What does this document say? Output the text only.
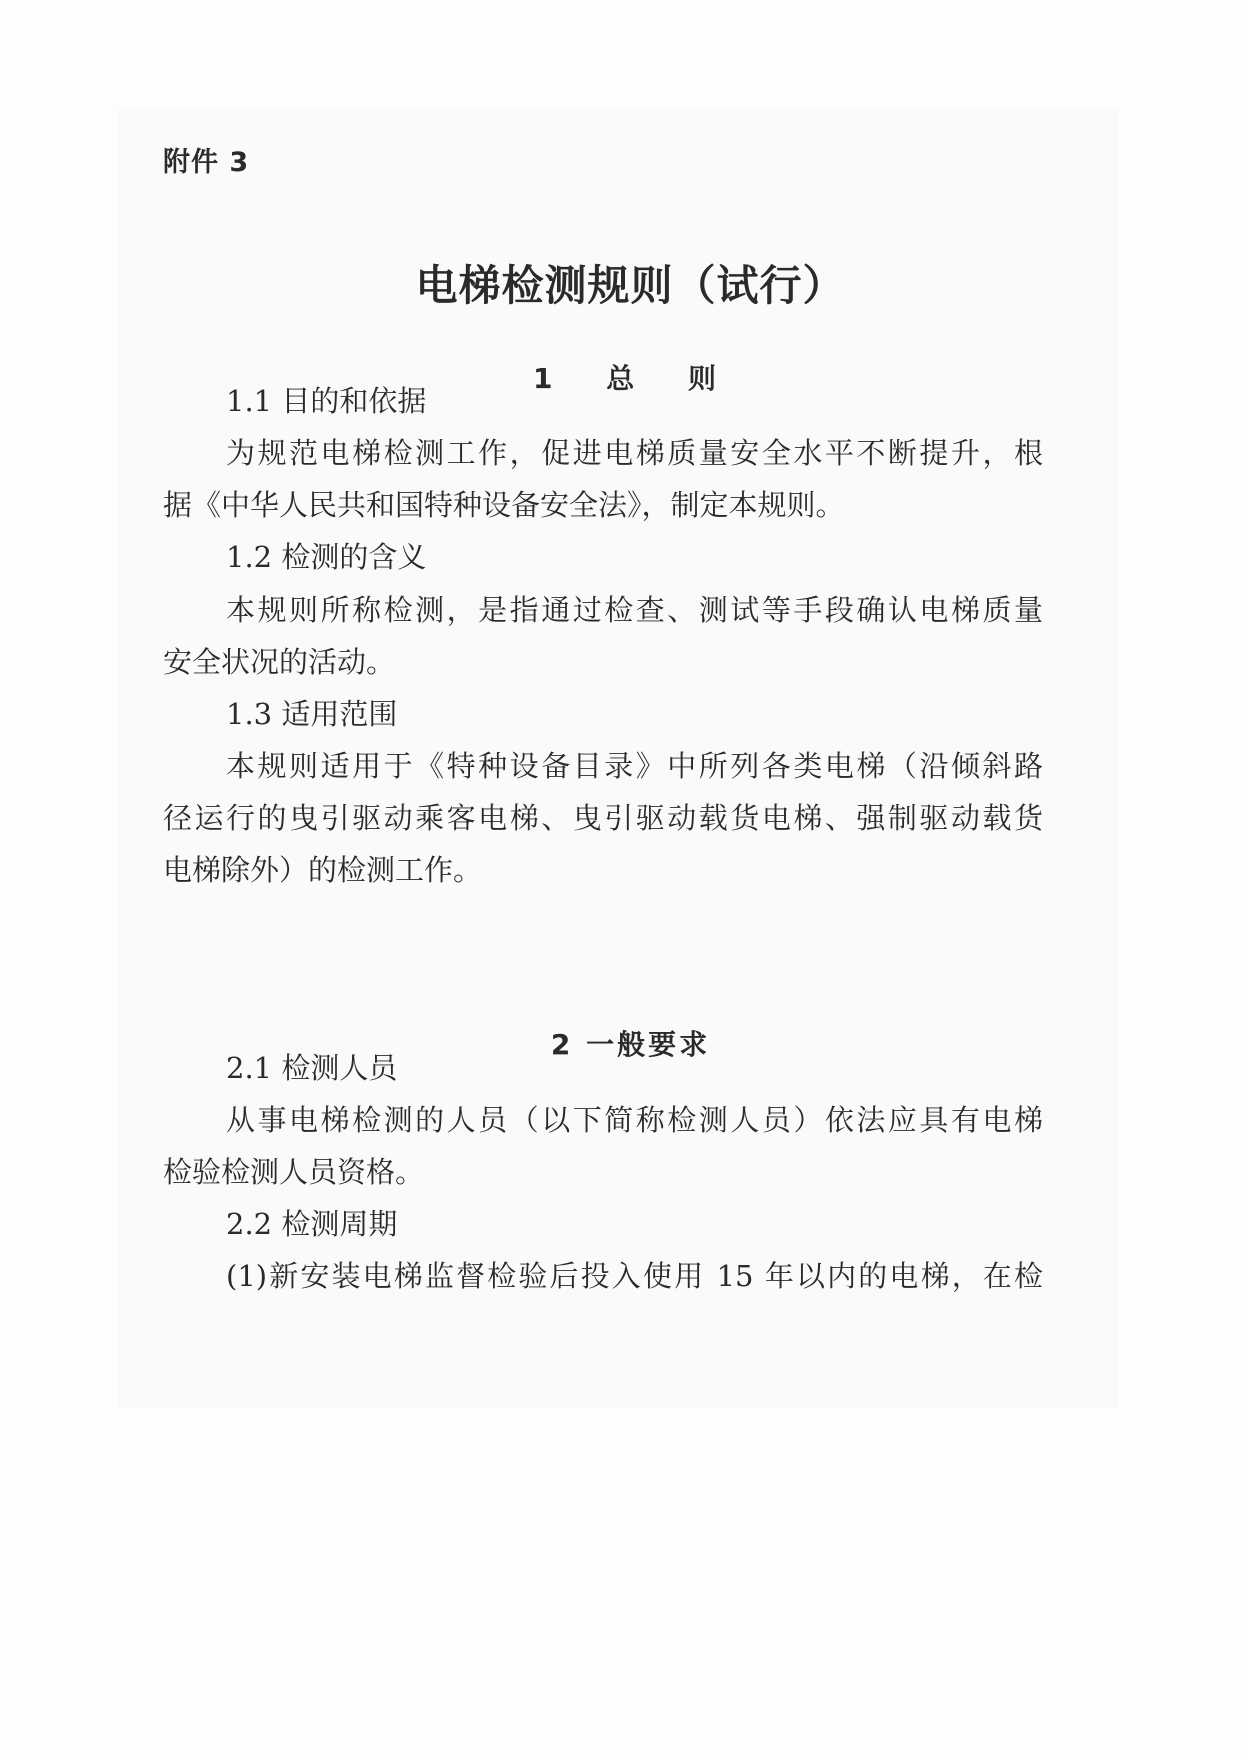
附件 3
电梯检测规则（试行）
1 总 则
1.1 目的和依据
为规范电梯检测工作，促进电梯质量安全水平不断提升，根
据《中华人民共和国特种设备安全法》，制定本规则。
1.2 检测的含义
本规则所称检测，是指通过检查、测试等手段确认电梯质量
安全状况的活动。
1.3 适用范围
本规则适用于《特种设备目录》中所列各类电梯（沿倾斜路
径运行的曳引驱动乘客电梯、曳引驱动载货电梯、强制驱动载货
电梯除外）的检测工作。
2 一般要求
2.1 检测人员
从事电梯检测的人员（以下简称检测人员）依法应具有电梯
检验检测人员资格。
2.2 检测周期
(1)新安装电梯监督检验后投入使用 15 年以内的电梯，在检
